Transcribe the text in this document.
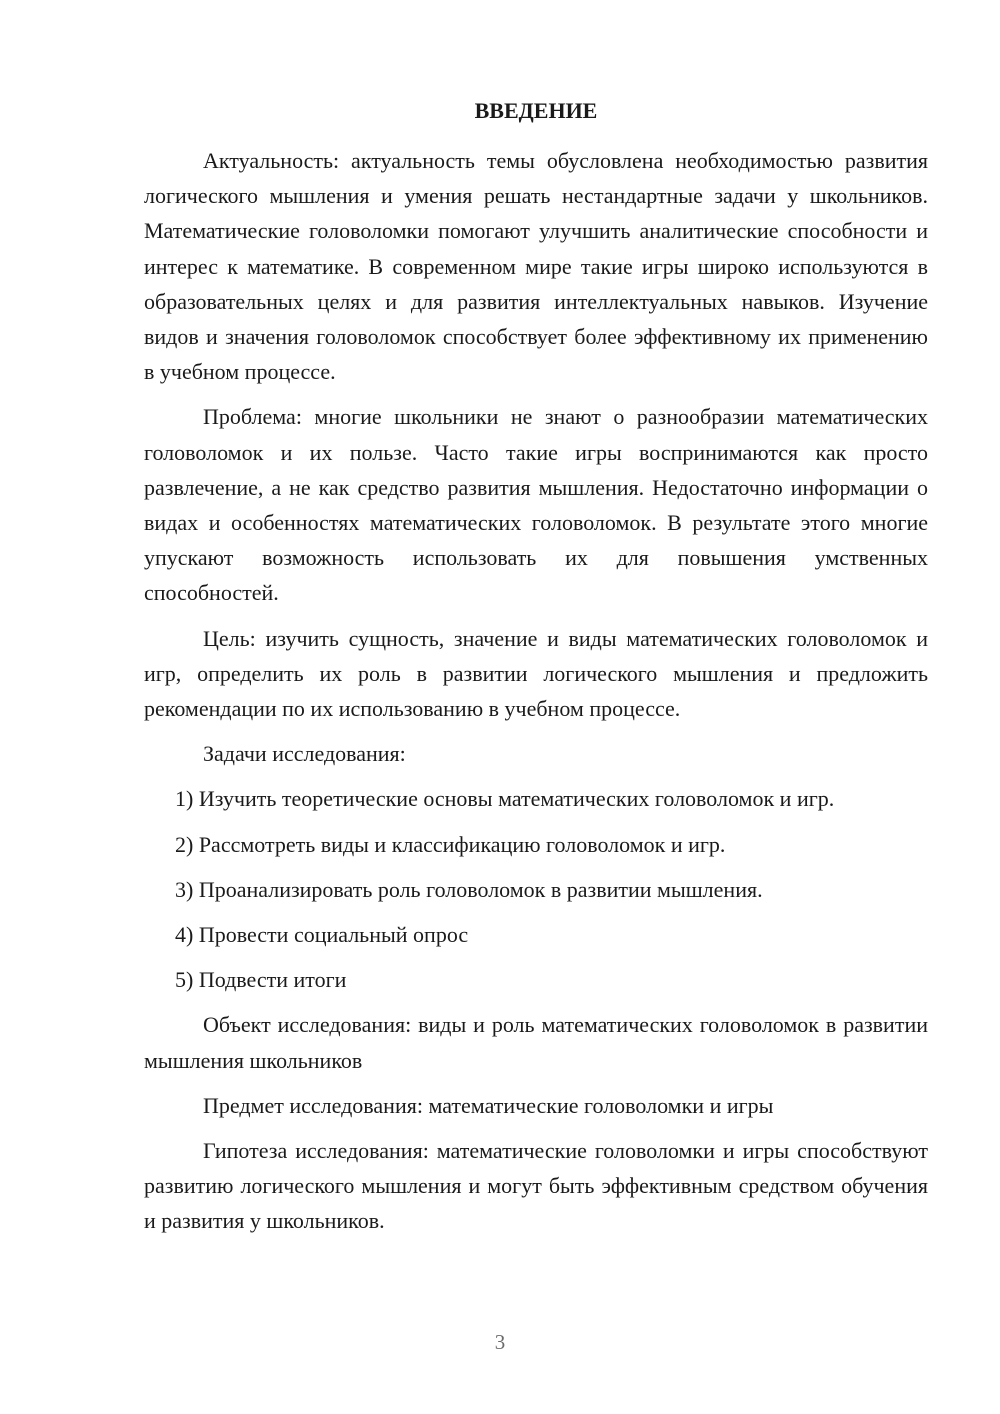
ВВЕДЕНИЕ

Актуальность: актуальность темы обусловлена необходимостью развития логического мышления и умения решать нестандартные задачи у школьников. Математические головоломки помогают улучшить аналитические способности и интерес к математике. В современном мире такие игры широко используются в образовательных целях и для развития интеллектуальных навыков. Изучение видов и значения головоломок способствует более эффективному их применению в учебном процессе.

Проблема: многие школьники не знают о разнообразии математических головоломок и их пользе. Часто такие игры воспринимаются как просто развлечение, а не как средство развития мышления. Недостаточно информации о видах и особенностях математических головоломок. В результате этого многие упускают возможность использовать их для повышения умственных способностей.

Цель: изучить сущность, значение и виды математических головоломок и игр, определить их роль в развитии логического мышления и предложить рекомендации по их использованию в учебном процессе.

Задачи исследования:

1) Изучить теоретические основы математических головоломок и игр.
2) Рассмотреть виды и классификацию головоломок и игр.
3) Проанализировать роль головоломок в развитии мышления.
4) Провести социальный опрос
5) Подвести итоги

Объект исследования: виды и роль математических головоломок в развитии мышления школьников

Предмет исследования: математические головоломки и игры

Гипотеза исследования: математические головоломки и игры способствуют развитию логического мышления и могут быть эффективным средством обучения и развития у школьников.

3
